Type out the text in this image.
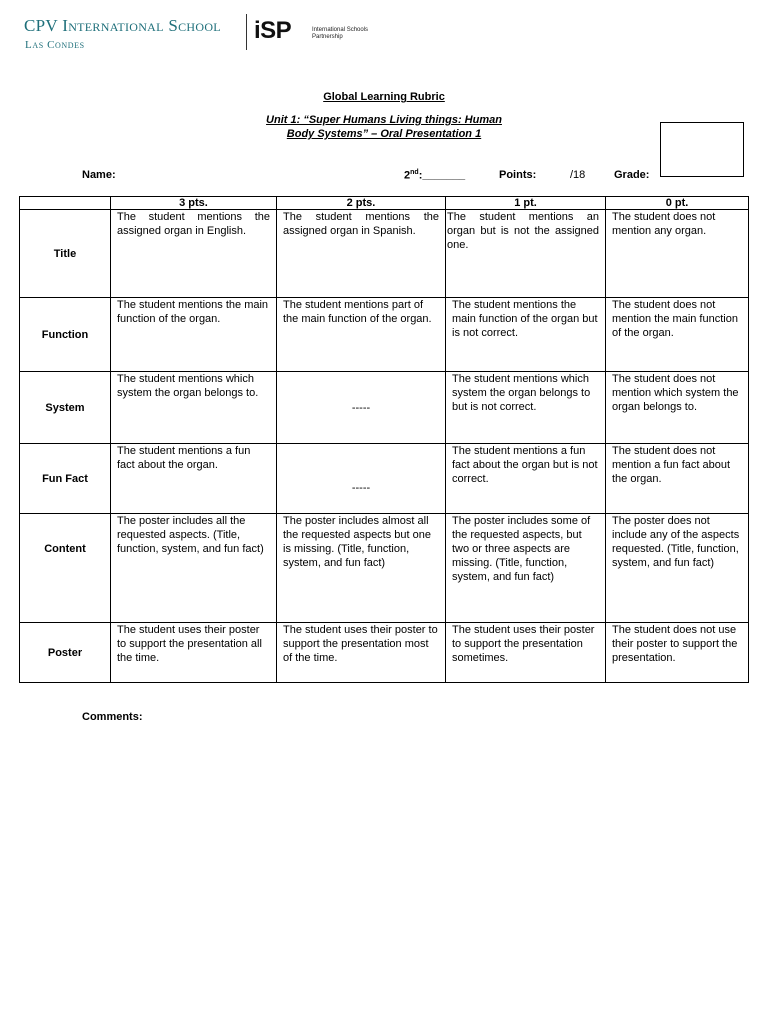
CPV International School
Las Condes
iSP	International Schools Partnership
Global Learning Rubric
Unit 1: “Super Humans Living things: Human
Body Systems” – Oral Presentation 1
Name:	2nd:_______	Points:	/18	Grade:
	3 pts.	2 pts.	1 pt.	0 pt.
Title	The student mentions the assigned organ in English.	The student mentions the assigned organ in Spanish.	The student mentions an organ but is not the assigned one.	The student does not mention any organ.
Function	The student mentions the main function of the organ.	The student mentions part of the main function of the organ.	The student mentions the main function of the organ but is not correct.	The student does not mention the main function of the organ.
System	The student mentions which system the organ belongs to.	-----	The student mentions which system the organ belongs to but is not correct.	The student does not mention which system the organ belongs to.
Fun Fact	The student mentions a fun fact about the organ.	-----	The student mentions a fun fact about the organ but is not correct.	The student does not mention a fun fact about the organ.
Content	The poster includes all the requested aspects. (Title, function, system, and fun fact)	The poster includes almost all the requested aspects but one is missing. (Title, function, system, and fun fact)	The poster includes some of the requested aspects, but two or three aspects are missing. (Title, function, system, and fun fact)	The poster does not include any of the aspects requested. (Title, function, system, and fun fact)
Poster	The student uses their poster to support the presentation all the time.	The student uses their poster to support the presentation most of the time.	The student uses their poster to support the presentation sometimes.	The student does not use their poster to support the presentation.
Comments:
